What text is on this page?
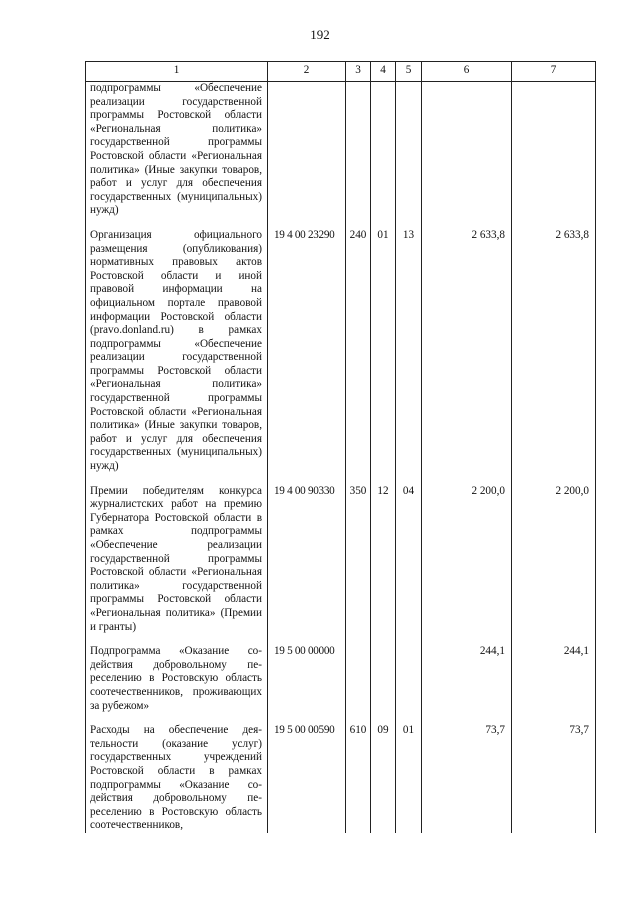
192
1	2	3	4	5	6	7
подпрограммы «Обеспечение реализации государственной программы Ростовской области «Региональная политика» государственной программы Ростовской области «Региональная политика» (Иные закупки товаров, работ и услуг для обеспечения государственных (муниципальных) нужд)						
Организация официального размещения (опубликования) нормативных правовых актов Ростовской области и иной правовой информации на официальном портале правовой информации Ростовской области (pravo.donland.ru) в рамках подпрограммы «Обеспечение реализации государственной программы Ростовской области «Региональная политика» государственной программы Ростовской области «Региональная политика» (Иные закупки товаров, работ и услуг для обеспечения государственных (муниципальных) нужд)	19 4 00 23290	240	01	13	2 633,8	2 633,8
Премии победителям конкурса журналистских работ на премию Губернатора Ростовской области в рамках подпрограммы «Обеспечение реализации государственной программы Ростовской области «Региональная политика» государственной программы Ростовской области «Региональная политика» (Премии и гранты)	19 4 00 90330	350	12	04	2 200,0	2 200,0
Подпрограмма «Оказание содействия добровольному переселению в Ростовскую область соотечественников, проживающих за рубежом»	19 5 00 00000				244,1	244,1
Расходы на обеспечение деятельности (оказание услуг) государственных учреждений Ростовской области в рамках подпрограммы «Оказание содействия добровольному переселению в Ростовскую область соотечественников,	19 5 00 00590	610	09	01	73,7	73,7
